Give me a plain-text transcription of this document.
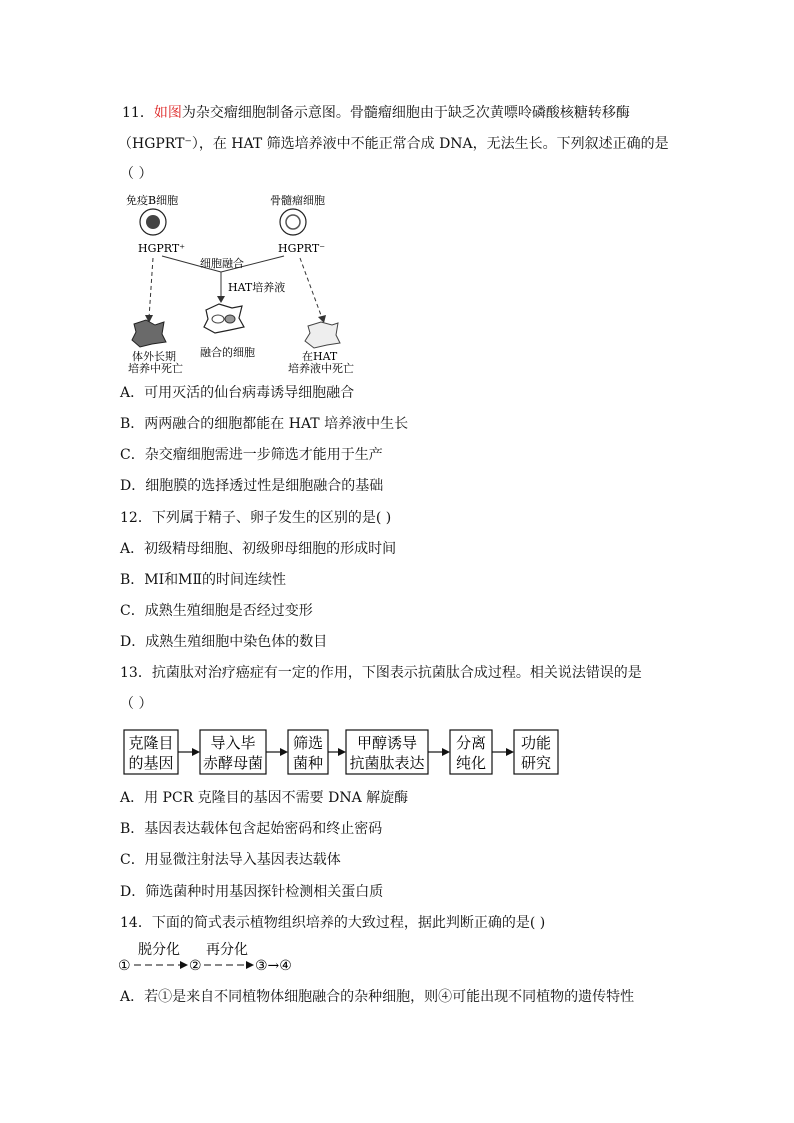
11．如图为杂交瘤细胞制备示意图。骨髓瘤细胞由于缺乏次黄嘌呤磷酸核糖转移酶
（HGPRT⁻），在 HAT 筛选培养液中不能正常合成 DNA，无法生长。下列叙述正确的是
（ ）
免疫B细胞	骨髓瘤细胞
HGPRT⁺	HGPRT⁻
细胞融合
HAT培养液
体外长期
培养中死亡
融合的细胞	在HAT
培养液中死亡
A．可用灭活的仙台病毒诱导细胞融合
B．两两融合的细胞都能在 HAT 培养液中生长
C．杂交瘤细胞需进一步筛选才能用于生产
D．细胞膜的选择透过性是细胞融合的基础
12．下列属于精子、卵子发生的区别的是( )
A．初级精母细胞、初级卵母细胞的形成时间
B．MⅠ和MⅡ的时间连续性
C．成熟生殖细胞是否经过变形
D．成熟生殖细胞中染色体的数目
13．抗菌肽对治疗癌症有一定的作用，下图表示抗菌肽合成过程。相关说法错误的是
（ ）
克隆目
的基因
导入毕
赤酵母菌
筛选
菌种
甲醇诱导
抗菌肽表达
分离
纯化
功能
研究
A．用 PCR 克隆目的基因不需要 DNA 解旋酶
B．基因表达载体包含起始密码和终止密码
C．用显微注射法导入基因表达载体
D．筛选菌种时用基因探针检测相关蛋白质
14．下面的简式表示植物组织培养的大致过程，据此判断正确的是( )
①
脱分化
②
再分化
③→④
A．若①是来自不同植物体细胞融合的杂种细胞，则④可能出现不同植物的遗传特性
